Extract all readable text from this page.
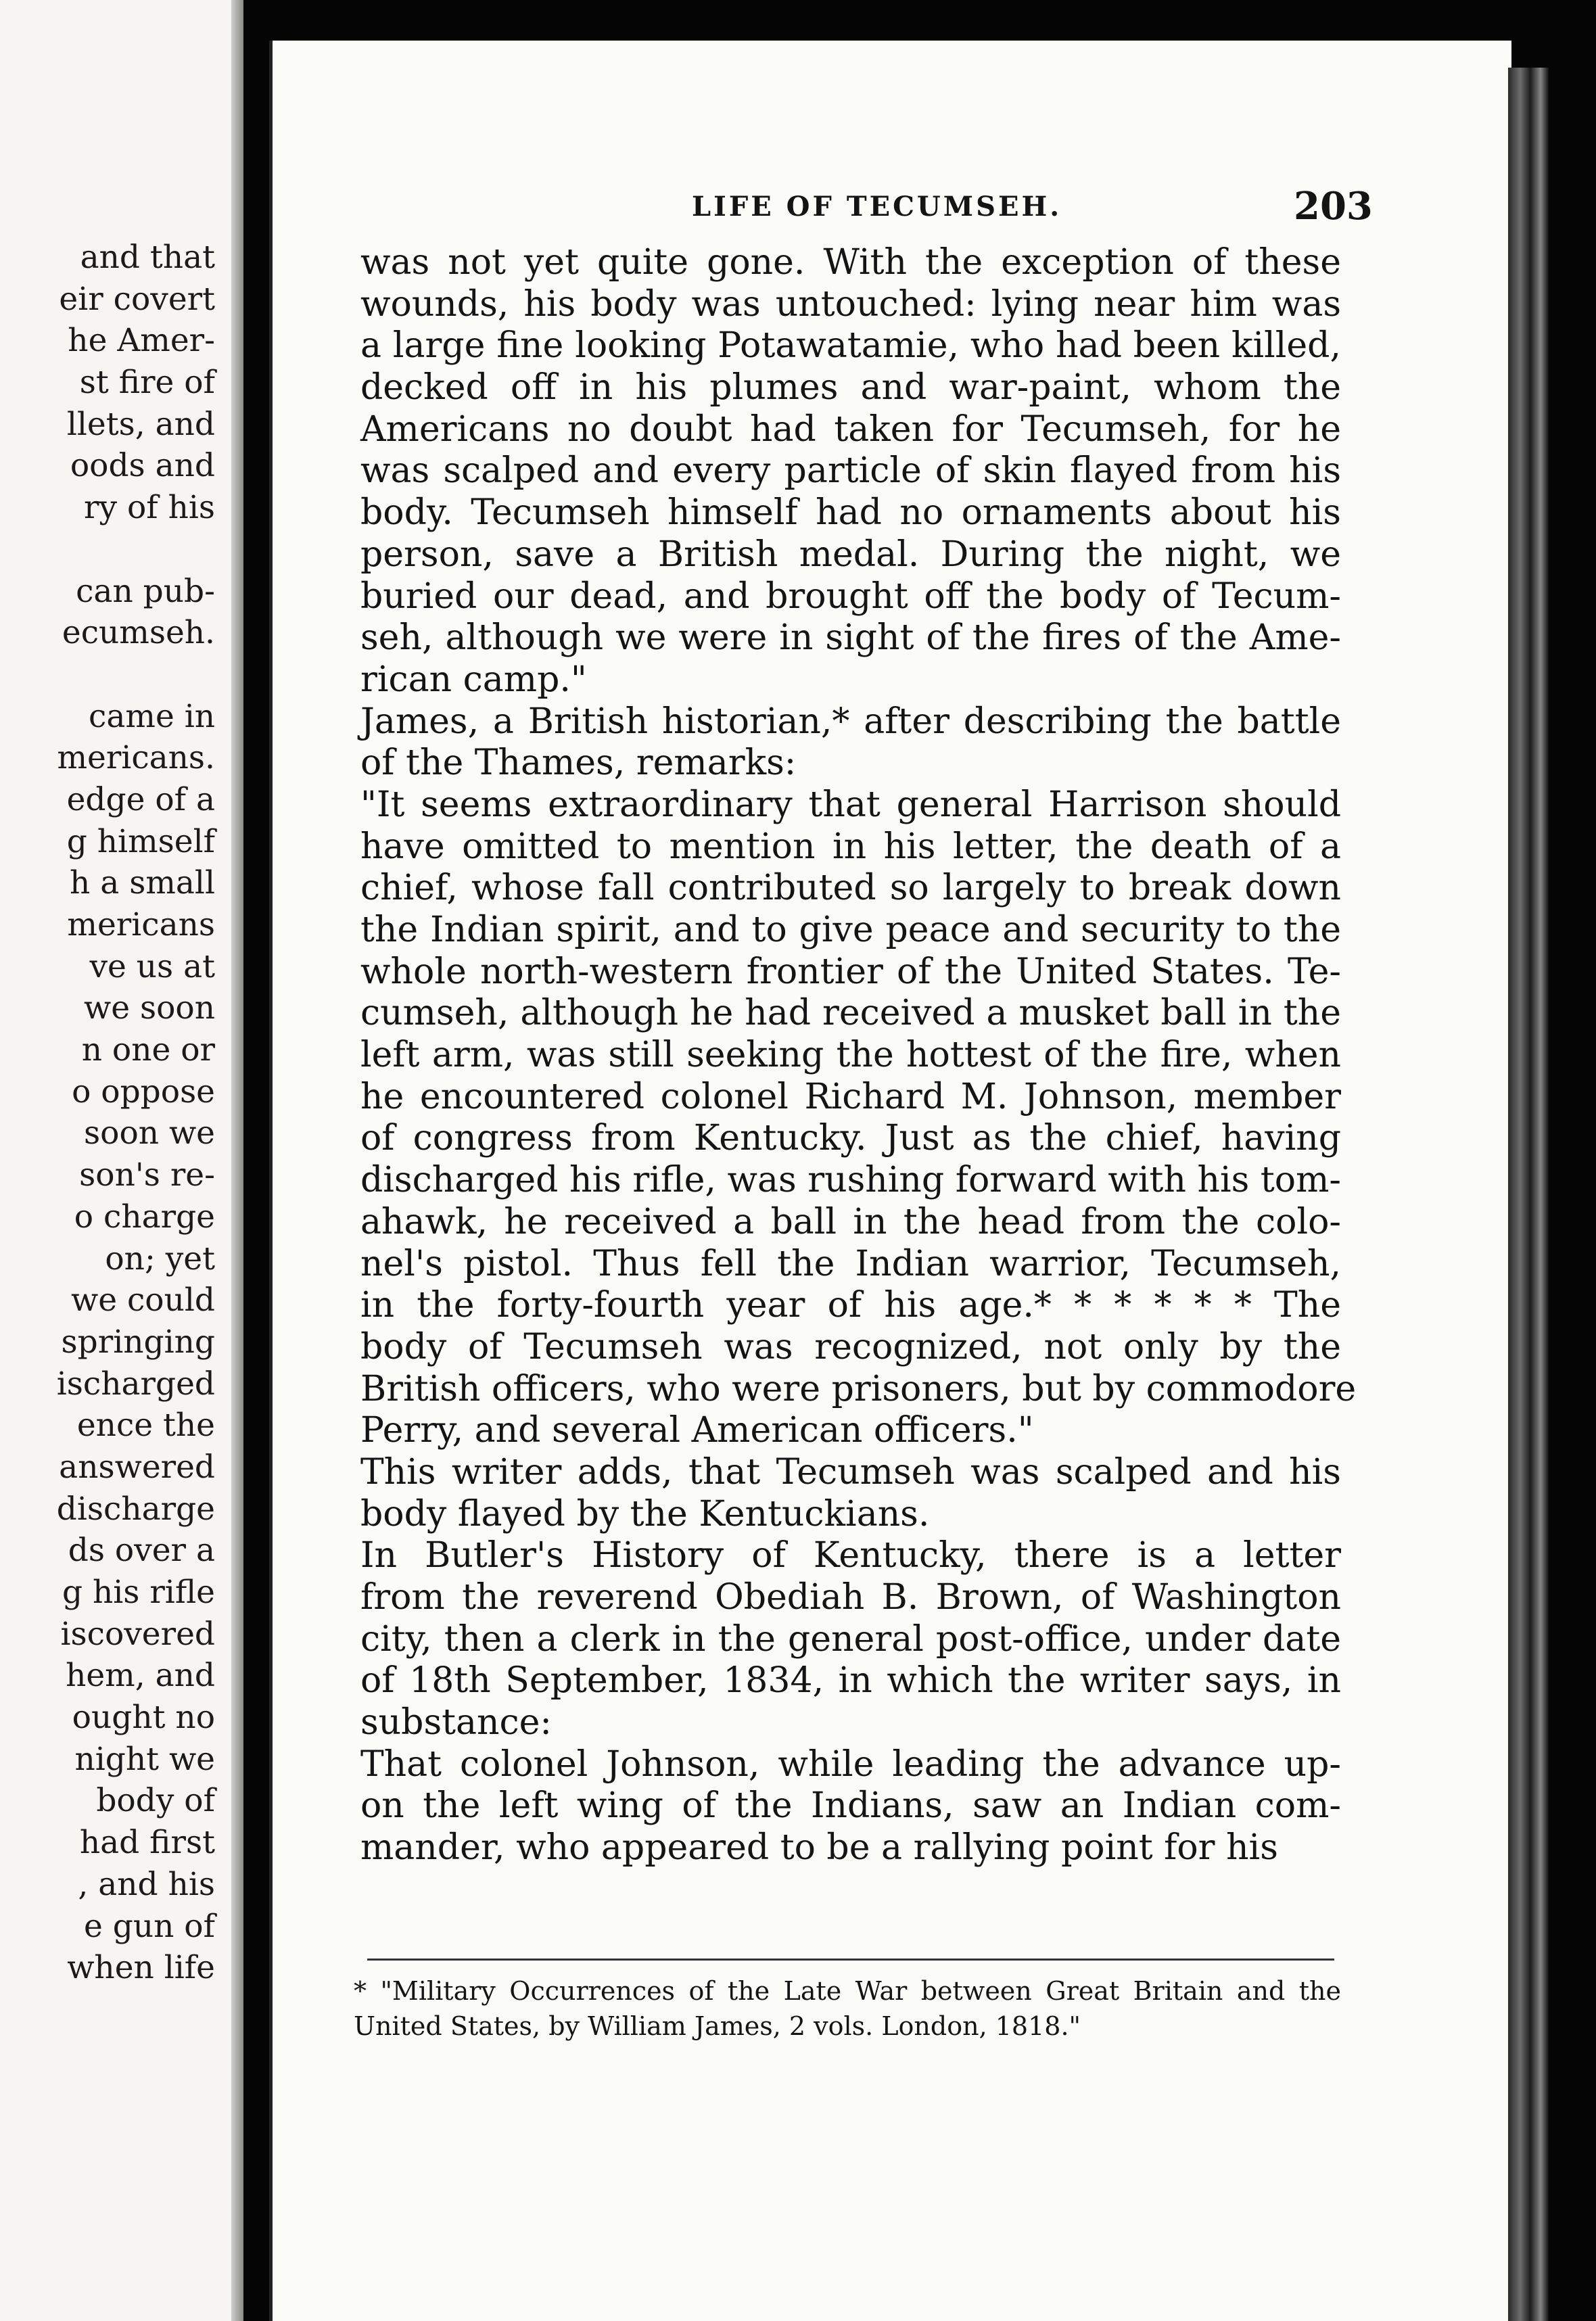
and that
eir covert
he Amer-
st fire of
llets, and
oods and
ry of his
can pub-
ecumseh.
came in
mericans.
edge of a
g himself
h a small
mericans
ve us at
we soon
n one or
o oppose
soon we
son's re-
o charge
on; yet
we could
springing
ischarged
ence the
answered
discharge
ds over a
g his rifle
iscovered
hem, and
ought no
night we
body of
had first
, and his
e gun of
when life
LIFE OF TECUMSEH.	203
was not yet quite gone. With the exception of these
wounds, his body was untouched: lying near him was
a large fine looking Potawatamie, who had been killed,
decked off in his plumes and war-paint, whom the
Americans no doubt had taken for Tecumseh, for he
was scalped and every particle of skin flayed from his
body. Tecumseh himself had no ornaments about his
person, save a British medal. During the night, we
buried our dead, and brought off the body of Tecum-
seh, although we were in sight of the fires of the Ame-
rican camp."
James, a British historian,* after describing the battle
of the Thames, remarks:
"It seems extraordinary that general Harrison should
have omitted to mention in his letter, the death of a
chief, whose fall contributed so largely to break down
the Indian spirit, and to give peace and security to the
whole north-western frontier of the United States. Te-
cumseh, although he had received a musket ball in the
left arm, was still seeking the hottest of the fire, when
he encountered colonel Richard M. Johnson, member
of congress from Kentucky. Just as the chief, having
discharged his rifle, was rushing forward with his tom-
ahawk, he received a ball in the head from the colo-
nel's pistol. Thus fell the Indian warrior, Tecumseh,
in the forty-fourth year of his age.* * * * * * The
body of Tecumseh was recognized, not only by the
British officers, who were prisoners, but by commodore
Perry, and several American officers."
This writer adds, that Tecumseh was scalped and his
body flayed by the Kentuckians.
In Butler's History of Kentucky, there is a letter
from the reverend Obediah B. Brown, of Washington
city, then a clerk in the general post-office, under date
of 18th September, 1834, in which the writer says, in
substance:
That colonel Johnson, while leading the advance up-
on the left wing of the Indians, saw an Indian com-
mander, who appeared to be a rallying point for his
* "Military Occurrences of the Late War between Great Britain and the
United States, by William James, 2 vols. London, 1818."
